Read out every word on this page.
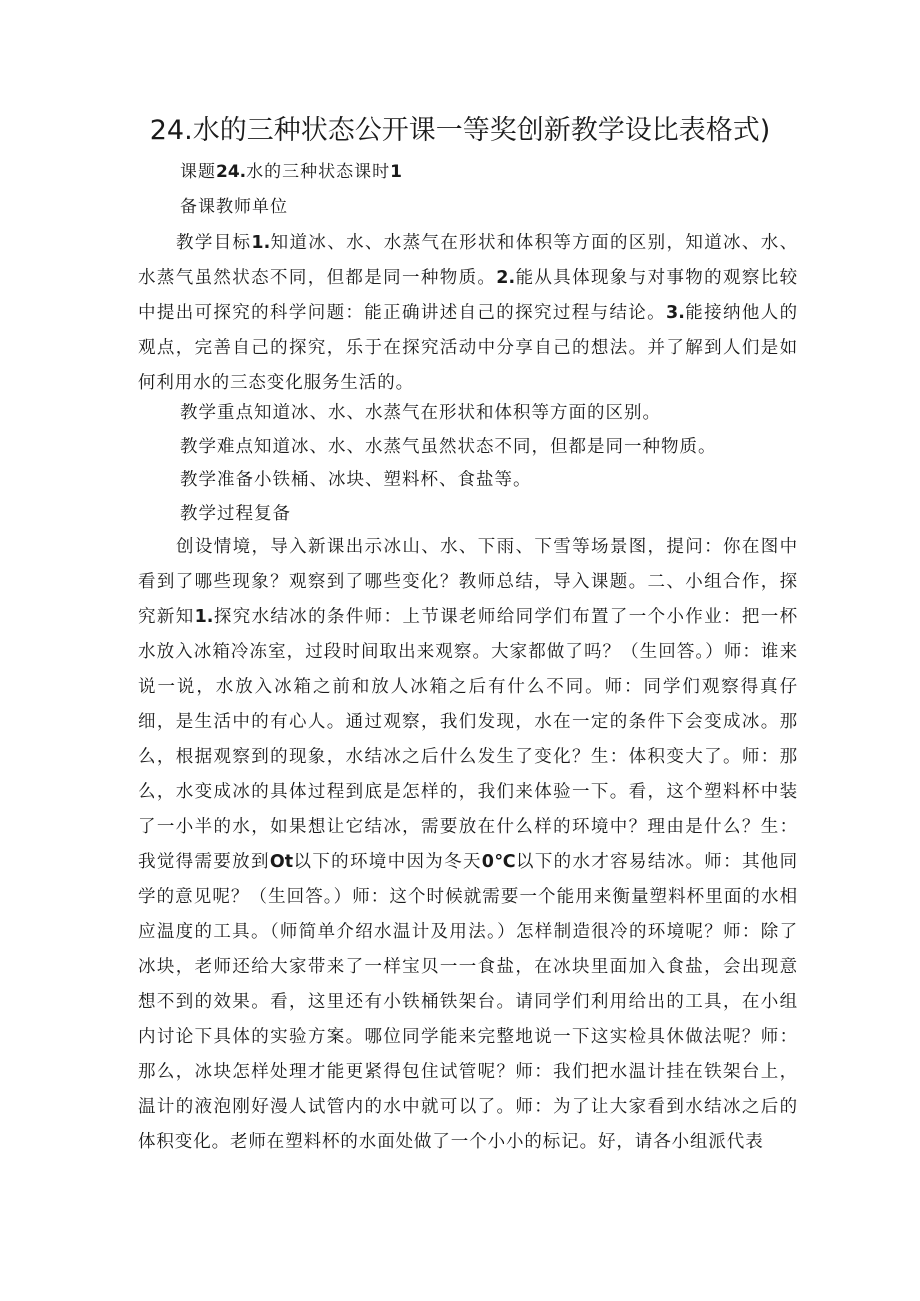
24.水的三种状态公开课一等奖创新教学设比表格式)
课题24.水的三种状态课时1
备课教师单位
教学目标1.知道冰、水、水蒸气在形状和体积等方面的区别，知道冰、水、水蒸气虽然状态不同，但都是同一种物质。2.能从具体现象与对事物的观察比较中提出可探究的科学问题：能正确讲述自己的探究过程与结论。3.能接纳他人的观点，完善自己的探究，乐于在探究活动中分享自己的想法。并了解到人们是如何利用水的三态变化服务生活的。
教学重点知道冰、水、水蒸气在形状和体积等方面的区别。
教学难点知道冰、水、水蒸气虽然状态不同，但都是同一种物质。
教学准备小铁桶、冰块、塑料杯、食盐等。
教学过程复备
创设情境，导入新课出示冰山、水、下雨、下雪等场景图，提问：你在图中看到了哪些现象？观察到了哪些变化？教师总结，导入课题。二、小组合作，探究新知1.探究水结冰的条件师：上节课老师给同学们布置了一个小作业：把一杯水放入冰箱冷冻室，过段时间取出来观察。大家都做了吗？（生回答。）师：谁来说一说，水放入冰箱之前和放人冰箱之后有什么不同。师：同学们观察得真仔细，是生活中的有心人。通过观察，我们发现，水在一定的条件下会变成冰。那么，根据观察到的现象，水结冰之后什么发生了变化？生：体积变大了。师：那么，水变成冰的具体过程到底是怎样的，我们来体验一下。看，这个塑料杯中装了一小半的水，如果想让它结冰，需要放在什么样的环境中？理由是什么？生：我觉得需要放到Ot以下的环境中因为冬天0℃以下的水才容易结冰。师：其他同学的意见呢？（生回答。）师：这个时候就需要一个能用来衡量塑料杯里面的水相应温度的工具。（师简单介绍水温计及用法。）怎样制造很冷的环境呢？师：除了冰块，老师还给大家带来了一样宝贝一一食盐，在冰块里面加入食盐，会出现意想不到的效果。看，这里还有小铁桶铁架台。请同学们利用给出的工具，在小组内讨论下具体的实验方案。哪位同学能来完整地说一下这实检具休做法呢？师：那么，冰块怎样处理才能更紧得包住试管呢？师：我们把水温计挂在铁架台上，温计的液泡刚好漫人试管内的水中就可以了。师：为了让大家看到水结冰之后的体积变化。老师在塑料杯的水面处做了一个小小的标记。好，请各小组派代表
